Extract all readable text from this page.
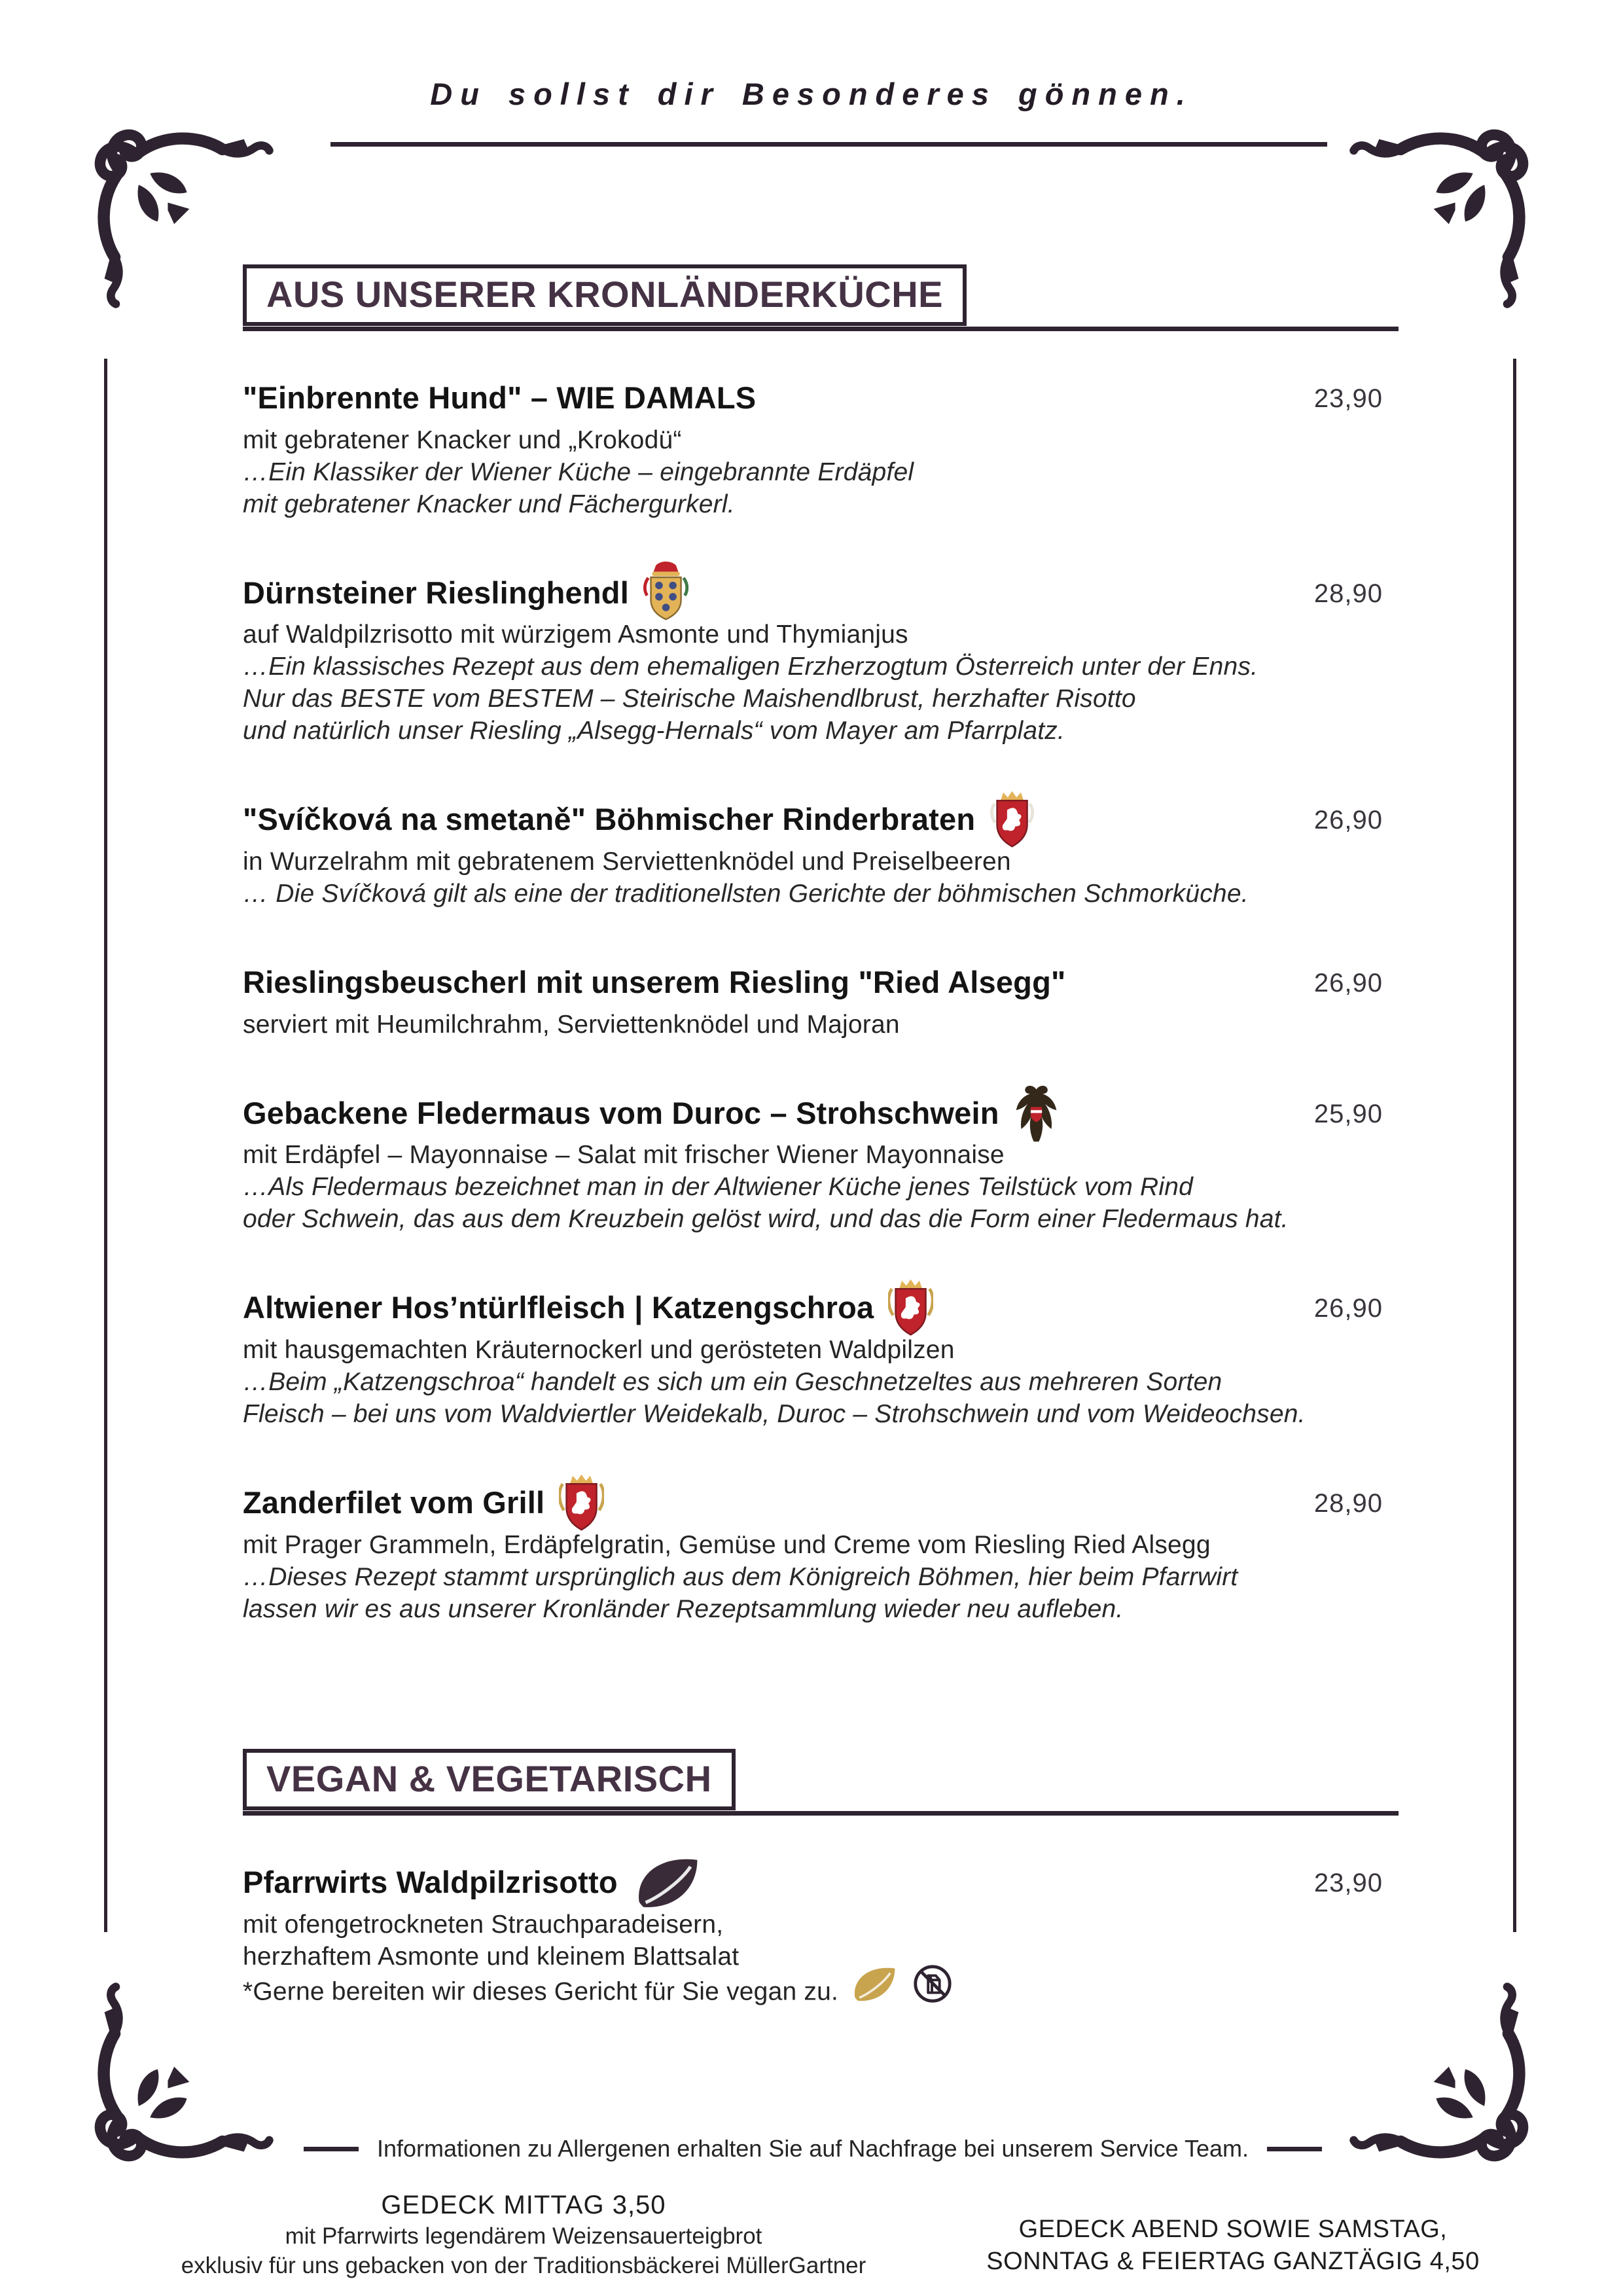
Du sollst dir Besonderes gönnen.
AUS UNSERER KRONLÄNDERKÜCHE
"Einbrennte Hund" – WIE DAMALS	23,90
mit gebratener Knacker und „Krokodü“
…Ein Klassiker der Wiener Küche – eingebrannte Erdäpfel
mit gebratener Knacker und Fächergurkerl.
Dürnsteiner Rieslinghendl	28,90
auf Waldpilzrisotto mit würzigem Asmonte und Thymianjus
…Ein klassisches Rezept aus dem ehemaligen Erzherzogtum Österreich unter der Enns.
Nur das BESTE vom BESTEM – Steirische Maishendlbrust, herzhafter Risotto
und natürlich unser Riesling „Alsegg-Hernals“ vom Mayer am Pfarrplatz.
"Svíčková na smetaně" Böhmischer Rinderbraten	26,90
in Wurzelrahm mit gebratenem Serviettenknödel und Preiselbeeren
… Die Svíčková gilt als eine der traditionellsten Gerichte der böhmischen Schmorküche.
Rieslingsbeuscherl mit unserem Riesling "Ried Alsegg"	26,90
serviert mit Heumilchrahm, Serviettenknödel und Majoran
Gebackene Fledermaus vom Duroc – Strohschwein	25,90
mit Erdäpfel – Mayonnaise – Salat mit frischer Wiener Mayonnaise
…Als Fledermaus bezeichnet man in der Altwiener Küche jenes Teilstück vom Rind
oder Schwein, das aus dem Kreuzbein gelöst wird, und das die Form einer Fledermaus hat.
Altwiener Hos’ntürlfleisch | Katzengschroa	26,90
mit hausgemachten Kräuternockerl und gerösteten Waldpilzen
…Beim „Katzengschroa“ handelt es sich um ein Geschnetzeltes aus mehreren Sorten
Fleisch – bei uns vom Waldviertler Weidekalb, Duroc – Strohschwein und vom Weideochsen.
Zanderfilet vom Grill	28,90
mit Prager Grammeln, Erdäpfelgratin, Gemüse und Creme vom Riesling Ried Alsegg
…Dieses Rezept stammt ursprünglich aus dem Königreich Böhmen, hier beim Pfarrwirt
lassen wir es aus unserer Kronländer Rezeptsammlung wieder neu aufleben.
VEGAN & VEGETARISCH
Pfarrwirts Waldpilzrisotto	23,90
mit ofengetrockneten Strauchparadeisern,
herzhaftem Asmonte und kleinem Blattsalat
*Gerne bereiten wir dieses Gericht für Sie vegan zu.
Informationen zu Allergenen erhalten Sie auf Nachfrage bei unserem Service Team.
GEDECK MITTAG 3,50
mit Pfarrwirts legendärem Weizensauerteigbrot
exklusiv für uns gebacken von der Traditionsbäckerei MüllerGartner
GEDECK ABEND SOWIE SAMSTAG,
SONNTAG & FEIERTAG GANZTÄGIG 4,50
